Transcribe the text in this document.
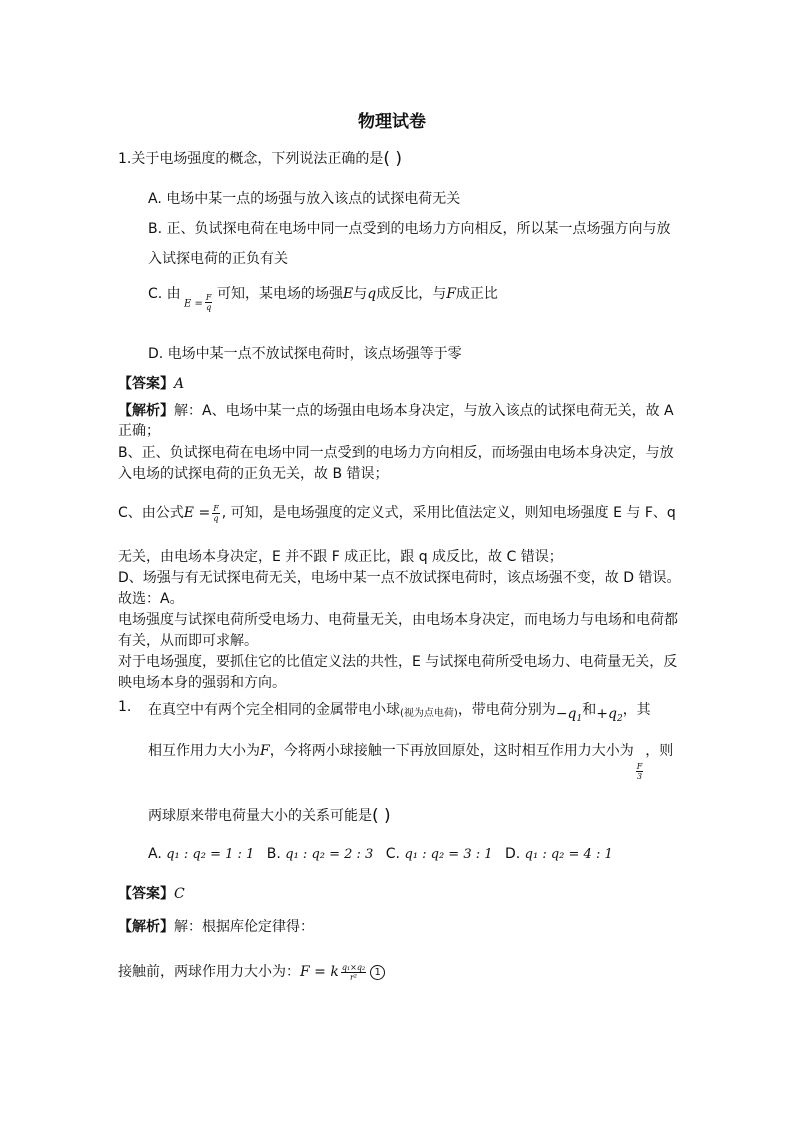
物理试卷
1.关于电场强度的概念，下列说法正确的是( )
A. 电场中某一点的场强与放入该点的试探电荷无关
B. 正、负试探电荷在电场中同一点受到的电场力方向相反，所以某一点场强方向与放
入试探电荷的正负有关
C. 由
$E = \frac{F}{q}$ 可知，某电场的场强E与q成反比，与F成正比
D. 电场中某一点不放试探电荷时，该点场强等于零
【答案】A
【解析】解：A、电场中某一点的场强由电场本身决定，与放入该点的试探电荷无关，故 A
正确；
B、正、负试探电荷在电场中同一点受到的电场力方向相反，而场强由电场本身决定，与放
入电场的试探电荷的正负无关，故 B 错误；
C、由公式$E = \frac{F}{q}$ , 可知，是电场强度的定义式，采用比值法定义，则知电场强度 E 与 F、q
无关，由电场本身决定，E 并不跟 F 成正比，跟 q 成反比，故 C 错误；
D、场强与有无试探电荷无关，电场中某一点不放试探电荷时，该点场强不变，故 D 错误。
故选：A。
电场强度与试探电荷所受电场力、电荷量无关，由电场本身决定，而电场力与电场和电荷都
有关，从而即可求解。
对于电场强度，要抓住它的比值定义法的共性，E 与试探电荷所受电场力、电荷量无关，反
映电场本身的强弱和方向。
1. 在真空中有两个完全相同的金属带电小球(视为点电荷)，带电荷分别为$-q_1$和$+q_2$，其
相互作用力大小为F，今将两小球接触一下再放回原处，这时相互作用力大小为
$\frac{F}{3}$
，则
两球原来带电荷量大小的关系可能是( )
A. q₁ : q₂ = 1 : 1 B. q₁ : q₂ = 2 : 3 C. q₁ : q₂ = 3 : 1 D. q₁ : q₂ = 4 : 1
【答案】C
【解析】解：根据库伦定律得：
接触前，两球作用力大小为：F = k $\frac{\text{q₁×q₂}}{\text{r²}} 1$
